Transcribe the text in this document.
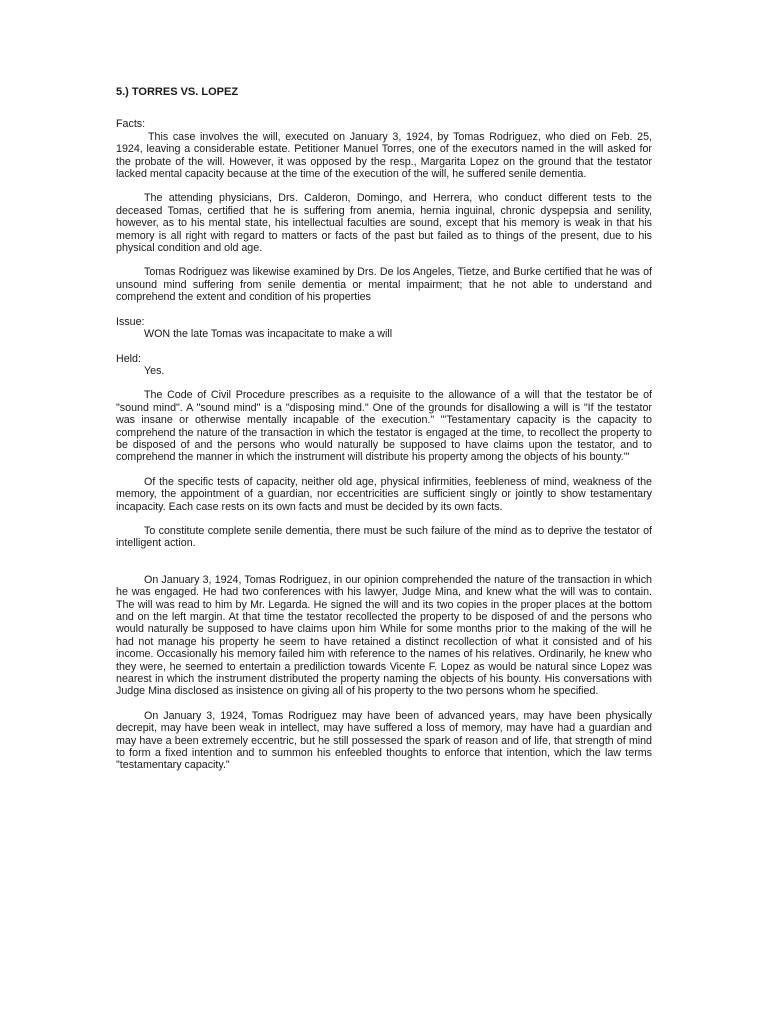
5.) TORRES VS. LOPEZ
Facts:

This case involves the will, executed on January 3, 1924, by Tomas Rodriguez, who died on Feb. 25, 1924, leaving a considerable estate. Petitioner Manuel Torres, one of the executors named in the will asked for the probate of the will. However, it was opposed by the resp., Margarita Lopez on the ground that the testator lacked mental capacity because at the time of the execution of the will, he suffered senile dementia.

The attending physicians, Drs. Calderon, Domingo, and Herrera, who conduct different tests to the deceased Tomas, certified that he is suffering from anemia, hernia inguinal, chronic dyspepsia and senility, however, as to his mental state, his intellectual faculties are sound, except that his memory is weak in that his memory is all right with regard to matters or facts of the past but failed as to things of the present, due to his physical condition and old age.

Tomas Rodriguez was likewise examined by Drs. De los Angeles, Tietze, and Burke certified that he was of unsound mind suffering from senile dementia or mental impairment; that he not able to understand and comprehend the extent and condition of his properties

Issue:
WON the late Tomas was incapacitate to make a will
Held:
Yes.

The Code of Civil Procedure prescribes as a requisite to the allowance of a will that the testator be of "sound mind". A "sound mind" is a "disposing mind." One of the grounds for disallowing a will is "If the testator was insane or otherwise mentally incapable of the execution." "'Testamentary capacity is the capacity to comprehend the nature of the transaction in which the testator is engaged at the time, to recollect the property to be disposed of and the persons who would naturally be supposed to have claims upon the testator, and to comprehend the manner in which the instrument will distribute his property among the objects of his bounty.'"

Of the specific tests of capacity, neither old age, physical infirmities, feebleness of mind, weakness of the memory, the appointment of a guardian, nor eccentricities are sufficient singly or jointly to show testamentary incapacity. Each case rests on its own facts and must be decided by its own facts.

To constitute complete senile dementia, there must be such failure of the mind as to deprive the testator of intelligent action.

On January 3, 1924, Tomas Rodriguez, in our opinion comprehended the nature of the transaction in which he was engaged. He had two conferences with his lawyer, Judge Mina, and knew what the will was to contain. The will was read to him by Mr. Legarda. He signed the will and its two copies in the proper places at the bottom and on the left margin. At that time the testator recollected the property to be disposed of and the persons who would naturally be supposed to have claims upon him While for some months prior to the making of the will he had not manage his property he seem to have retained a distinct recollection of what it consisted and of his income. Occasionally his memory failed him with reference to the names of his relatives. Ordinarily, he knew who they were, he seemed to entertain a prediliction towards Vicente F. Lopez as would be natural since Lopez was nearest in which the instrument distributed the property naming the objects of his bounty. His conversations with Judge Mina disclosed as insistence on giving all of his property to the two persons whom he specified.

On January 3, 1924, Tomas Rodriguez may have been of advanced years, may have been physically decrepit, may have been weak in intellect, may have suffered a loss of memory, may have had a guardian and may have a been extremely eccentric, but he still possessed the spark of reason and of life, that strength of mind to form a fixed intention and to summon his enfeebled thoughts to enforce that intention, which the law terms "testamentary capacity."
